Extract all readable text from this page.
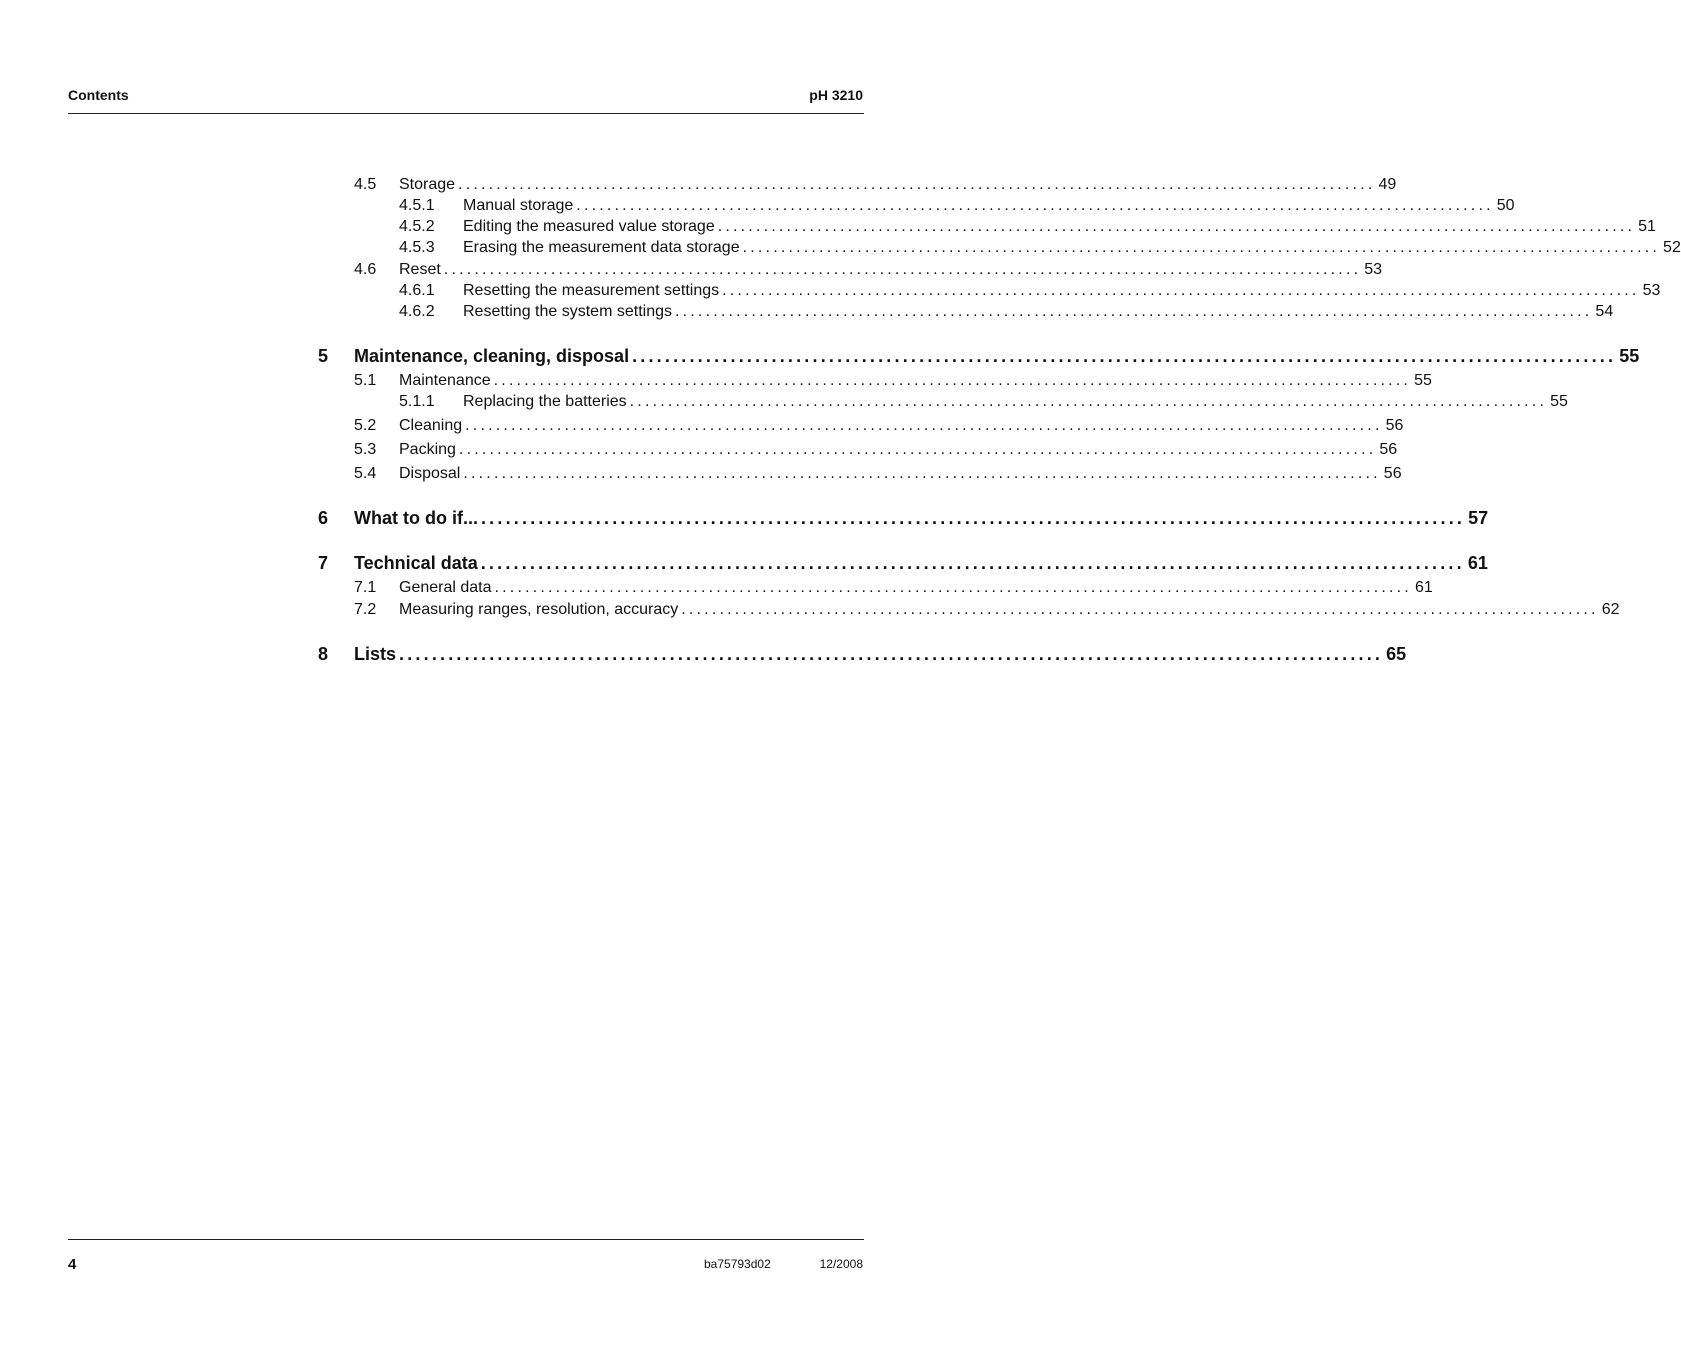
Contents	pH 3210
4.5 Storage ........................................................................................................................ 49
4.5.1 Manual storage ........................................................................................................................ 50
4.5.2 Editing the measured value storage ........................................................................................................................ 51
4.5.3 Erasing the measurement data storage ........................................................................................................................ 52
4.6 Reset ........................................................................................................................ 53
4.6.1 Resetting the measurement settings ........................................................................................................................ 53
4.6.2 Resetting the system settings ........................................................................................................................ 54
5 Maintenance, cleaning, disposal ........................................................................................................................ 55
5.1 Maintenance ........................................................................................................................ 55
5.1.1 Replacing the batteries ........................................................................................................................ 55
5.2 Cleaning ........................................................................................................................ 56
5.3 Packing ........................................................................................................................ 56
5.4 Disposal ........................................................................................................................ 56
6 What to do if... ........................................................................................................................ 57
7 Technical data ........................................................................................................................ 61
7.1 General data ........................................................................................................................ 61
7.2 Measuring ranges, resolution, accuracy ........................................................................................................................ 62
8 Lists ........................................................................................................................ 65
4	ba75793d02	12/2008
